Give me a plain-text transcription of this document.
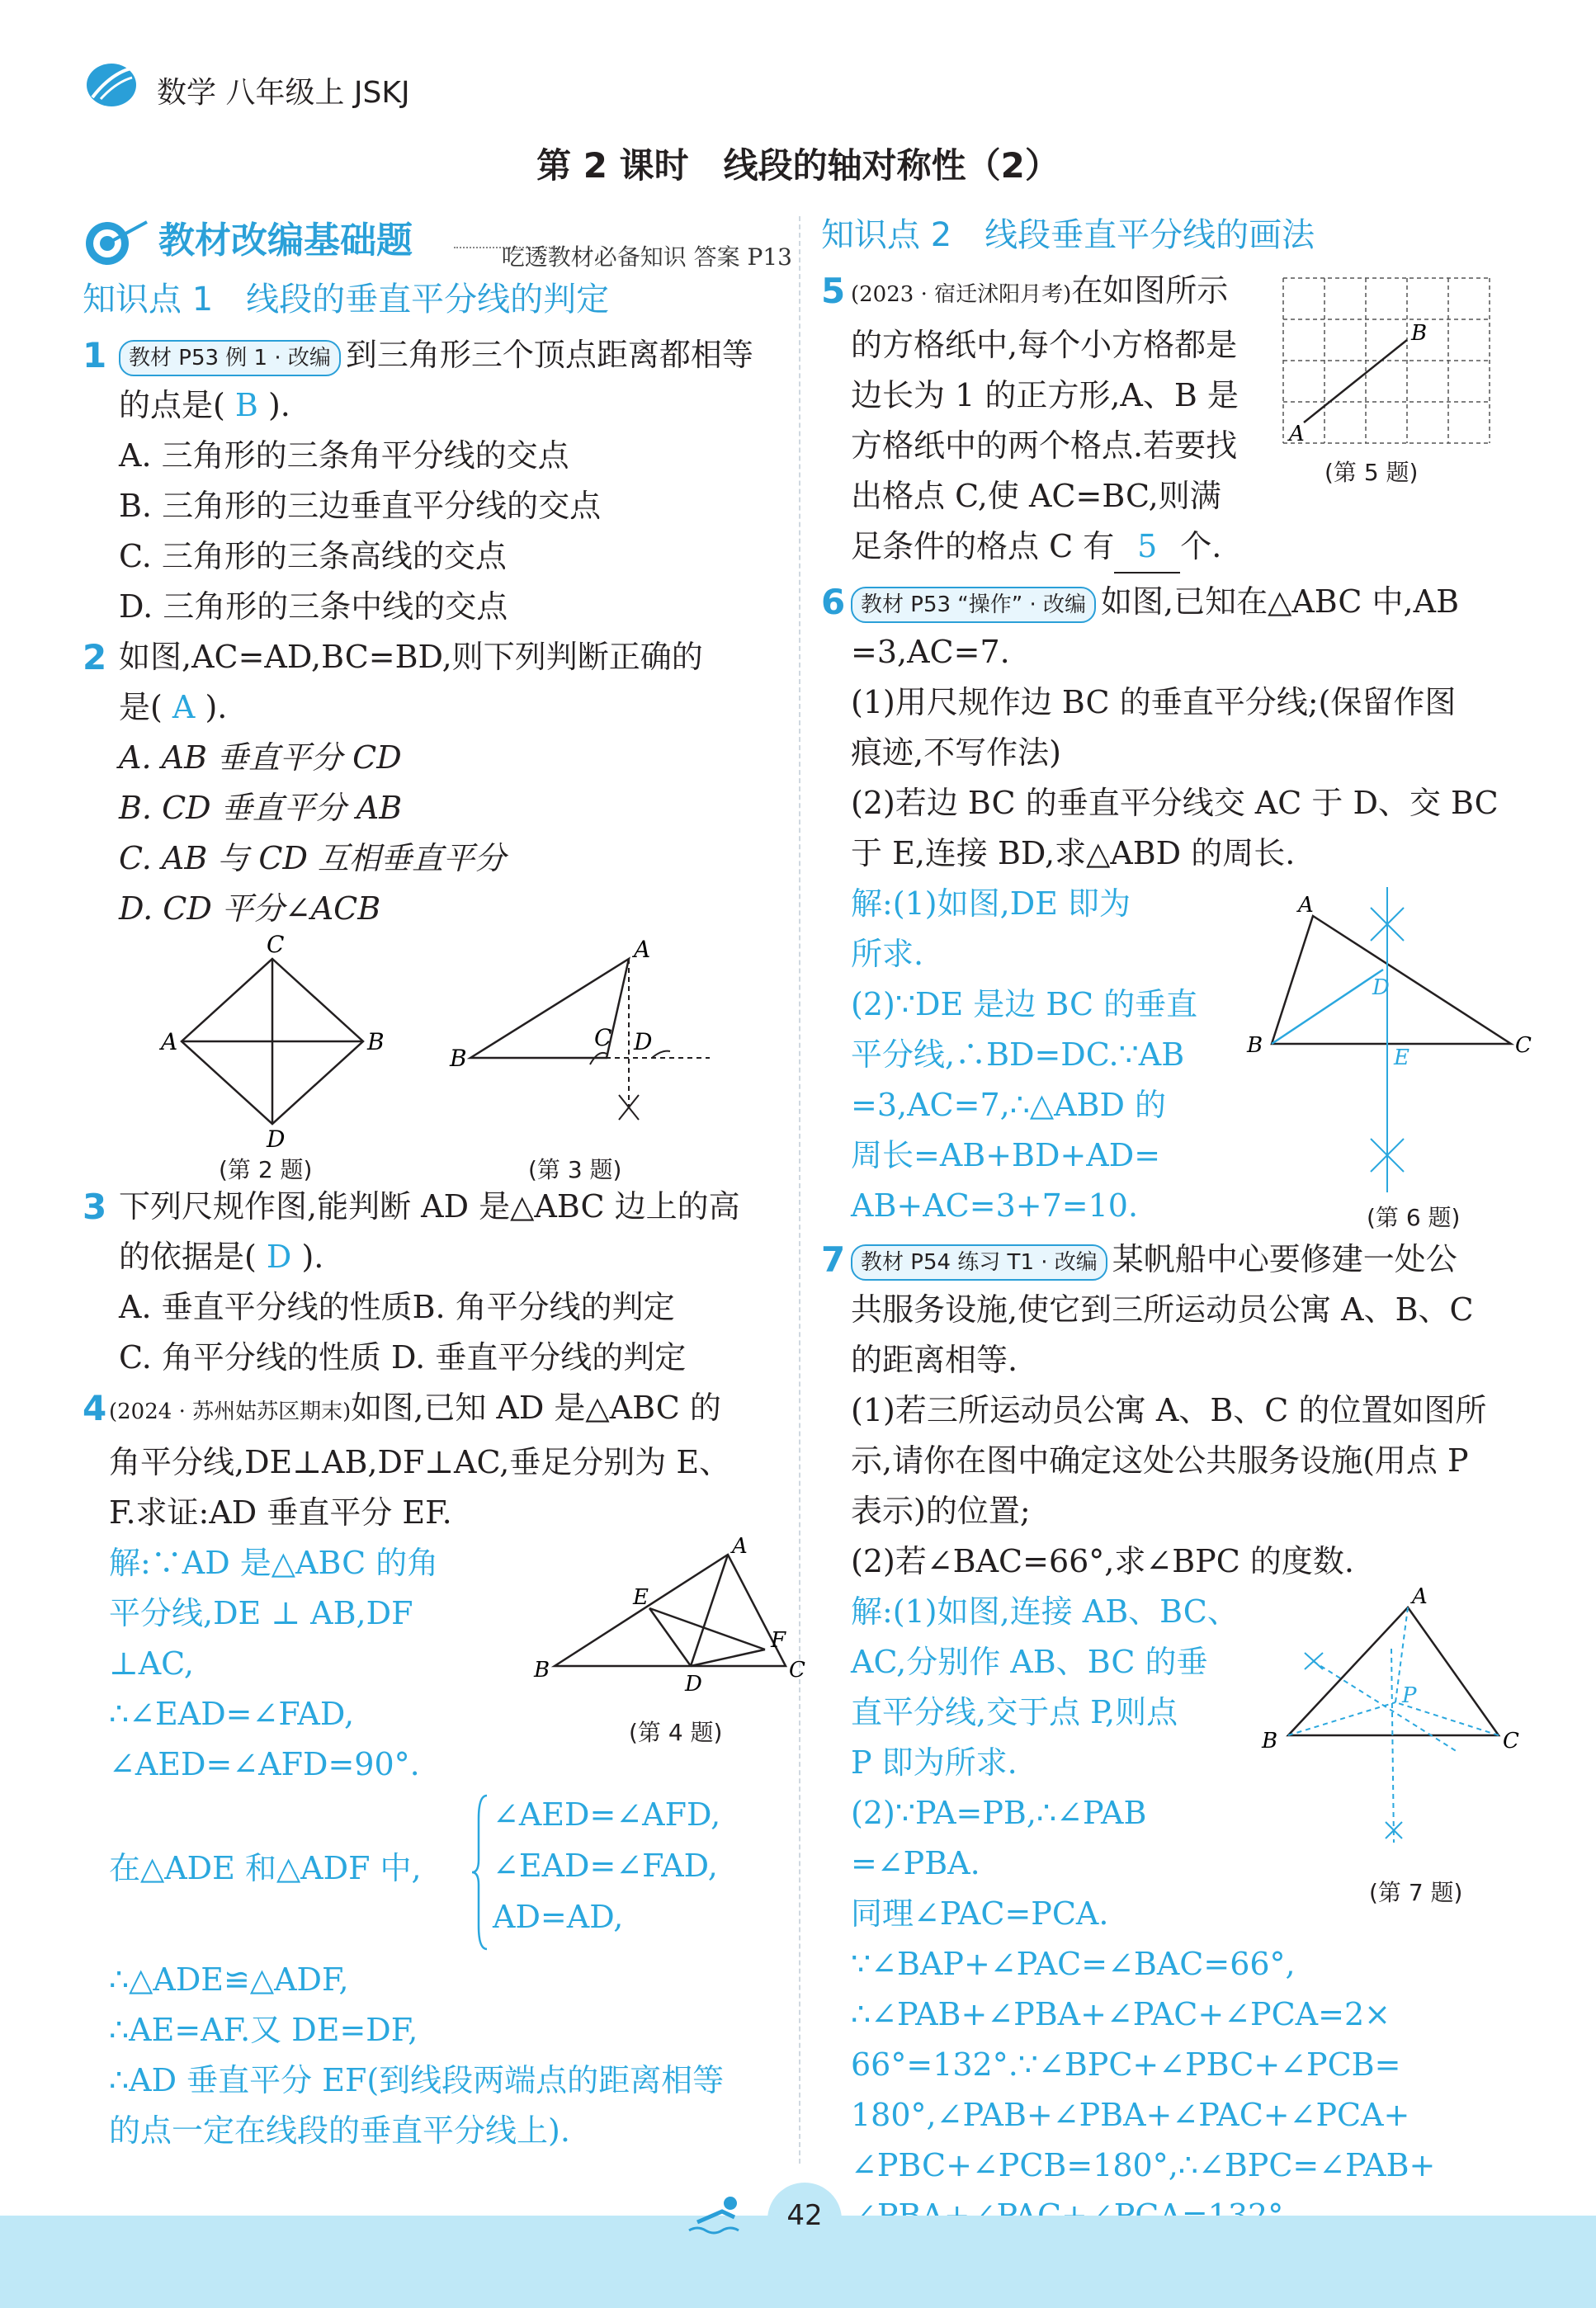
数学 八年级上 JSKJ
第 2 课时　线段的轴对称性（2）
教材改编基础题	吃透教材必备知识 答案 P13
知识点 1　线段的垂直平分线的判定
1	教材 P53 例 1 · 改编 到三角形三个顶点距离都相等
的点是( B ).
A. 三角形的三条角平分线的交点
B. 三角形的三边垂直平分线的交点
C. 三角形的三条高线的交点
D. 三角形的三条中线的交点
2 如图,AC=AD,BC=BD,则下列判断正确的
是( A ).
A. AB 垂直平分 CD
B. CD 垂直平分 AB
C. AB 与 CD 互相垂直平分
D. CD 平分∠ACB
C
A	B
D
(第 2 题)
A
B
C D
(第 3 题)
3 下列尺规作图,能判断 AD 是△ABC 边上的高
的依据是( D ).
A. 垂直平分线的性质B. 角平分线的判定
C. 角平分线的性质 D. 垂直平分线的判定
4 (2024 · 苏州姑苏区期末)如图,已知 AD 是△ABC 的
角平分线,DE⊥AB,DF⊥AC,垂足分别为 E、
F.求证:AD 垂直平分 EF.
解:∵AD 是△ABC 的角
平分线,DE ⊥ AB,DF
⊥AC,
∴∠EAD=∠FAD,
∠AED=∠AFD=90°.
A
B	C
D
E
F
(第 4 题)
在△ADE 和△ADF 中,
∠AED=∠AFD,
∠EAD=∠FAD,
AD=AD,
∴△ADE≌△ADF,
∴AE=AF.又 DE=DF,
∴AD 垂直平分 EF(到线段两端点的距离相等
的点一定在线段的垂直平分线上).
知识点 2　线段垂直平分线的画法
5 (2023 · 宿迁沭阳月考)在如图所示
的方格纸中,每个小方格都是
边长为 1 的正方形,A、B 是
方格纸中的两个格点.若要找
出格点 C,使 AC=BC,则满
足条件的格点 C 有 5 个.
A
B
(第 5 题)
6 教材 P53 “操作” · 改编 如图,已知在△ABC 中,AB
=3,AC=7.
(1)用尺规作边 BC 的垂直平分线;(保留作图
痕迹,不写作法)
(2)若边 BC 的垂直平分线交 AC 于 D、交 BC
于 E,连接 BD,求△ABD 的周长.
解:(1)如图,DE 即为
所求.
(2)∵DE 是边 BC 的垂直
平分线,∴BD=DC.∵AB
=3,AC=7,∴△ABD 的
周长=AB+BD+AD=
AB+AC=3+7=10.
A
B	C
D
E
(第 6 题)
7 教材 P54 练习 T1 · 改编 某帆船中心要修建一处公
共服务设施,使它到三所运动员公寓 A、B、C
的距离相等.
(1)若三所运动员公寓 A、B、C 的位置如图所
示,请你在图中确定这处公共服务设施(用点 P
表示)的位置;
(2)若∠BAC=66°,求∠BPC 的度数.
解:(1)如图,连接 AB、BC、
AC,分别作 AB、BC 的垂
直平分线,交于点 P,则点
P 即为所求.
(2)∵PA=PB,∴∠PAB
=∠PBA.
A
B	C
P
(第 7 题)
同理∠PAC=PCA.
∵∠BAP+∠PAC=∠BAC=66°,
∴∠PAB+∠PBA+∠PAC+∠PCA=2×
66°=132°.∵∠BPC+∠PBC+∠PCB=
180°,∠PAB+∠PBA+∠PAC+∠PCA+
∠PBC+∠PCB=180°,∴∠BPC=∠PAB+
42
